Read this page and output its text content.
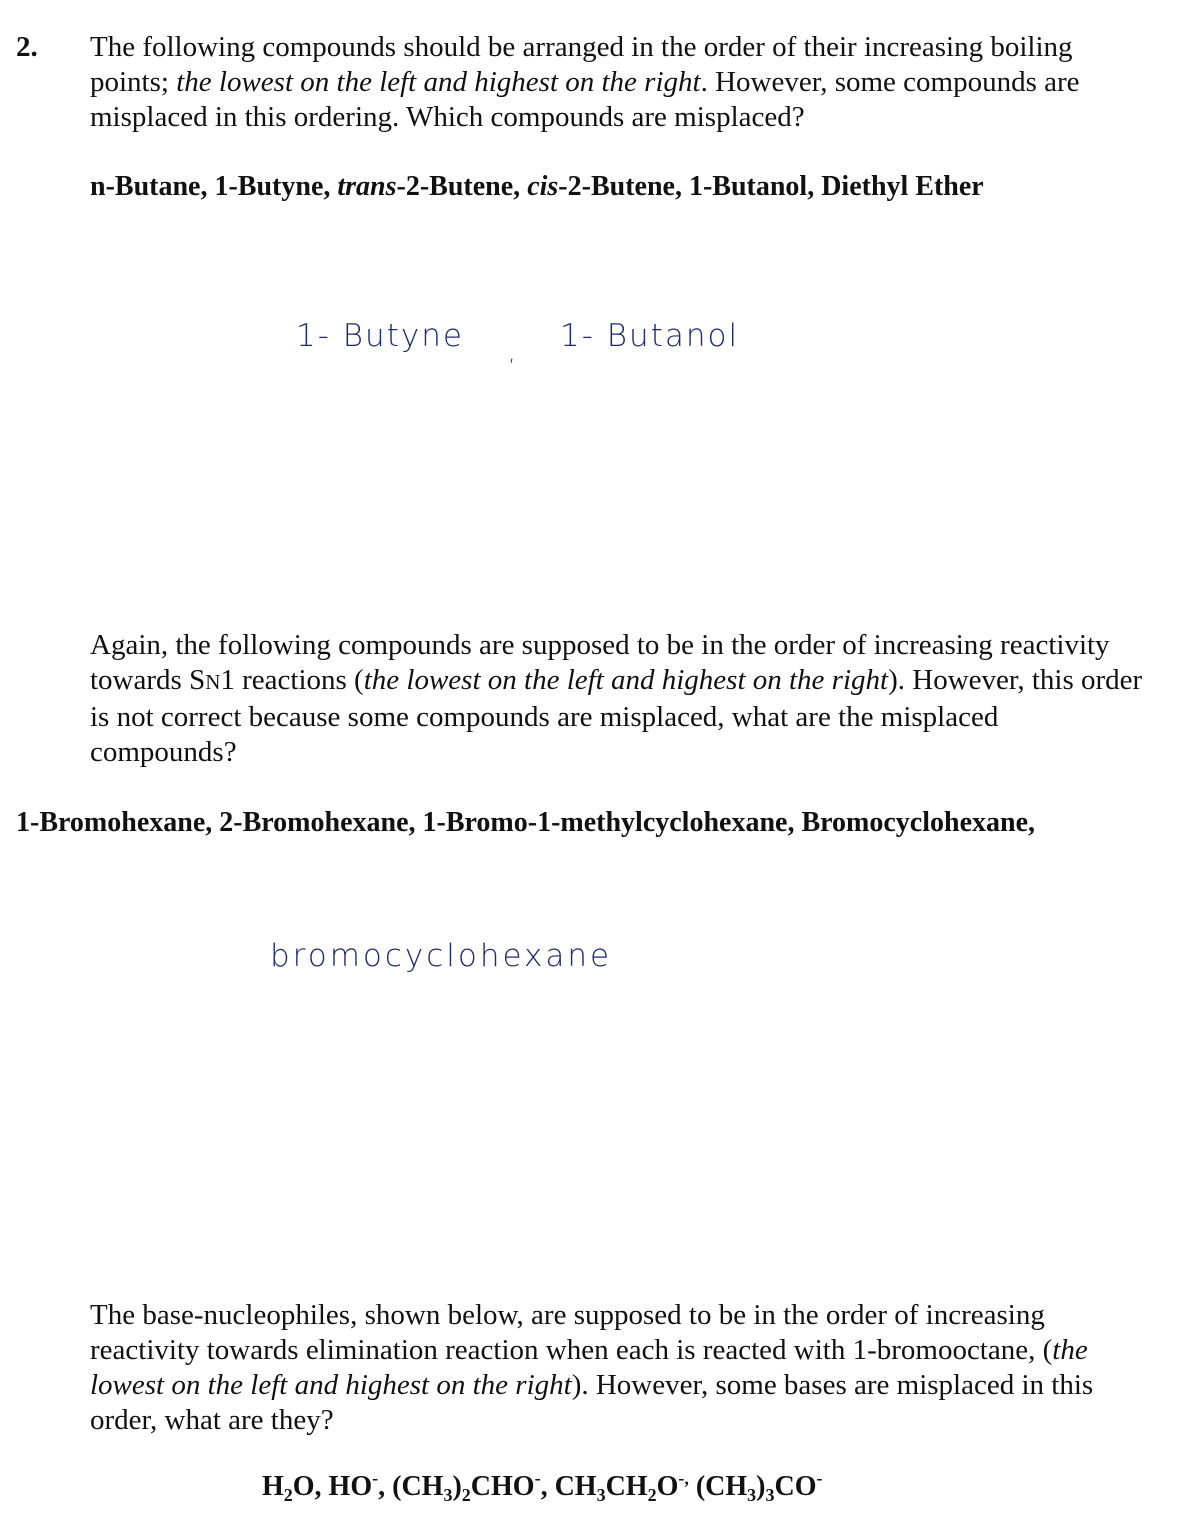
2. The following compounds should be arranged in the order of their increasing boiling points; the lowest on the left and highest on the right. However, some compounds are misplaced in this ordering. Which compounds are misplaced?
n-Butane, 1-Butyne, trans-2-Butene, cis-2-Butene, 1-Butanol, Diethyl Ether
1- Butyne , 1- Butanol
Again, the following compounds are supposed to be in the order of increasing reactivity towards SN1 reactions (the lowest on the left and highest on the right). However, this order is not correct because some compounds are misplaced, what are the misplaced compounds?
1-Bromohexane, 2-Bromohexane, 1-Bromo-1-methylcyclohexane, Bromocyclohexane,
bromocyclohexane
The base-nucleophiles, shown below, are supposed to be in the order of increasing reactivity towards elimination reaction when each is reacted with 1-bromooctane, (the lowest on the left and highest on the right). However, some bases are misplaced in this order, what are they?
$H_2O$, HO-, $(CH_3)_2CHO^-$, $CH_3CH_2O^{-,}$ $(CH_3)_3CO^-$
